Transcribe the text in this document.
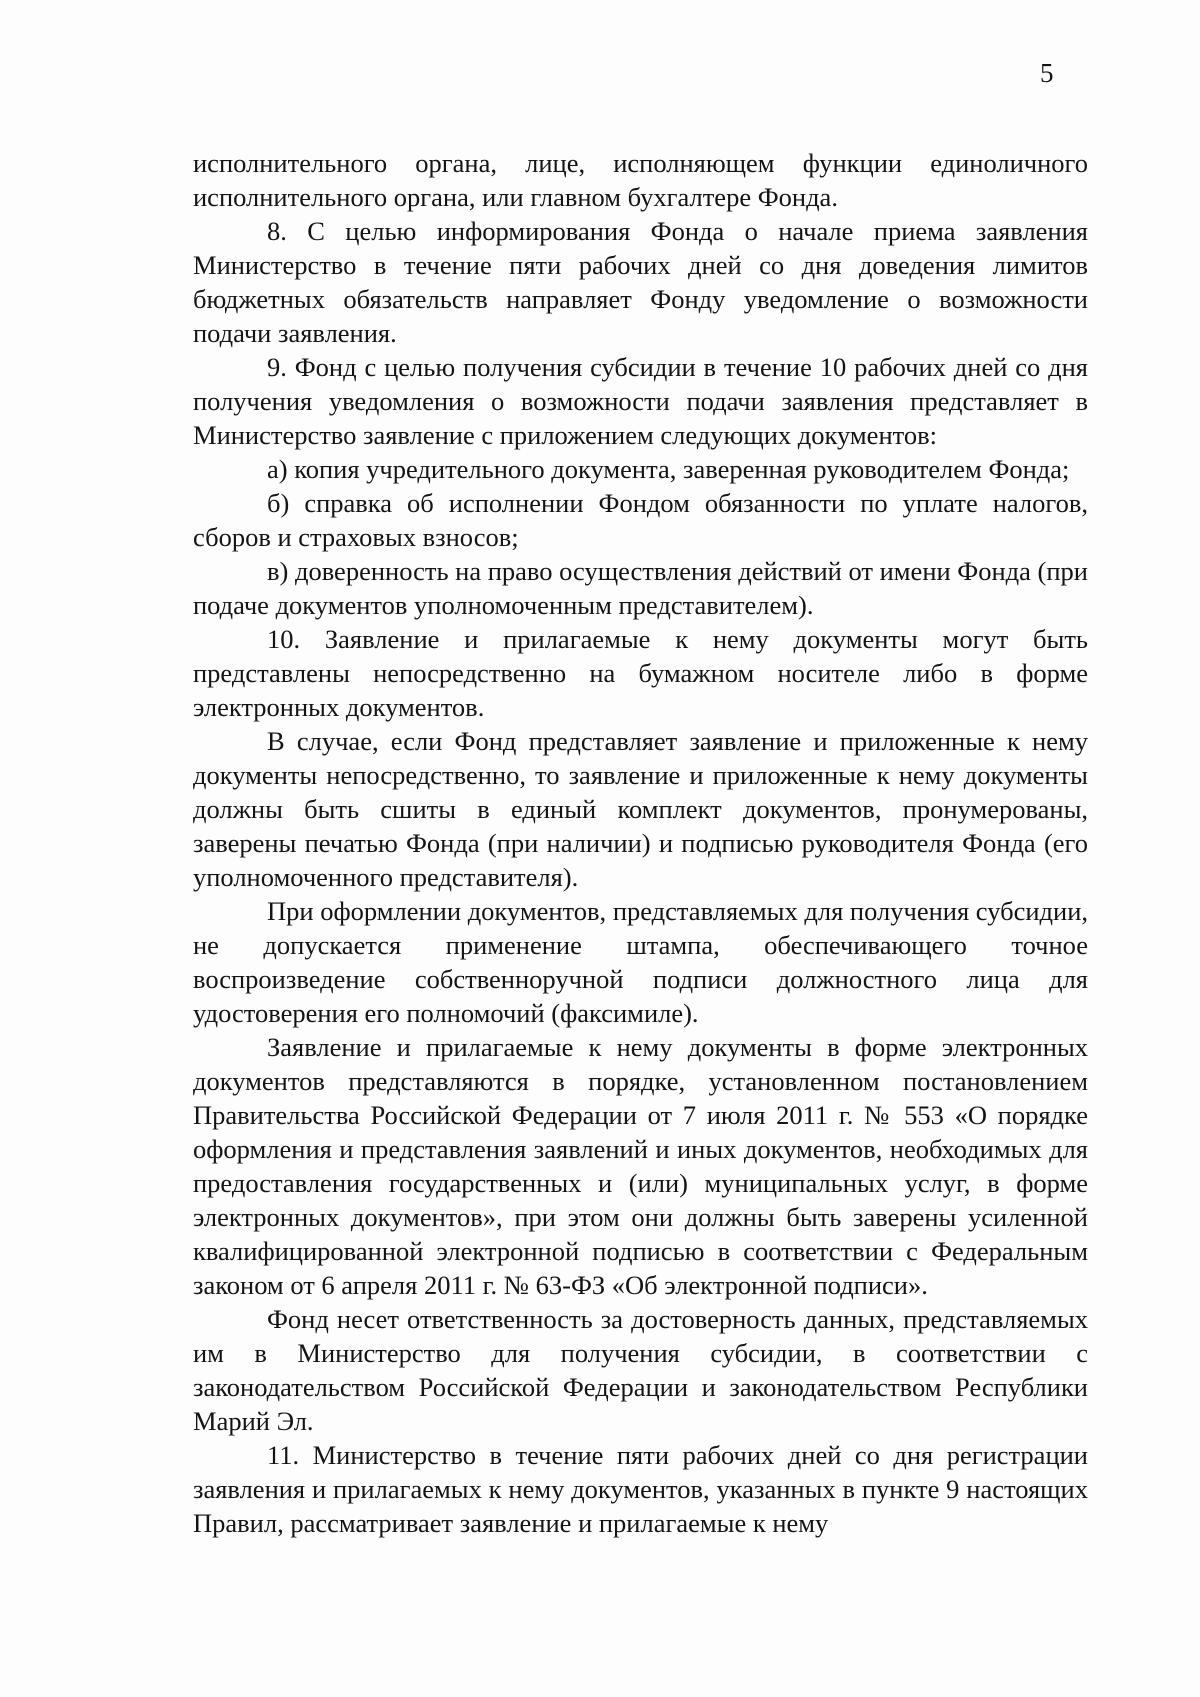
5

исполнительного органа, лице, исполняющем функции единоличного исполнительного органа, или главном бухгалтере Фонда.

8. С целью информирования Фонда о начале приема заявления Министерство в течение пяти рабочих дней со дня доведения лимитов бюджетных обязательств направляет Фонду уведомление о возможности подачи заявления.

9. Фонд с целью получения субсидии в течение 10 рабочих дней со дня получения уведомления о возможности подачи заявления представляет в Министерство заявление с приложением следующих документов:

а) копия учредительного документа, заверенная руководителем Фонда;

б) справка об исполнении Фондом обязанности по уплате налогов, сборов и страховых взносов;

в) доверенность на право осуществления действий от имени Фонда (при подаче документов уполномоченным представителем).

10. Заявление и прилагаемые к нему документы могут быть представлены непосредственно на бумажном носителе либо в форме электронных документов.

В случае, если Фонд представляет заявление и приложенные к нему документы непосредственно, то заявление и приложенные к нему документы должны быть сшиты в единый комплект документов, пронумерованы, заверены печатью Фонда (при наличии) и подписью руководителя Фонда (его уполномоченного представителя).

При оформлении документов, представляемых для получения субсидии, не допускается применение штампа, обеспечивающего точное воспроизведение собственноручной подписи должностного лица для удостоверения его полномочий (факсимиле).

Заявление и прилагаемые к нему документы в форме электронных документов представляются в порядке, установленном постановлением Правительства Российской Федерации от 7 июля 2011 г. № 553 «О порядке оформления и представления заявлений и иных документов, необходимых для предоставления государственных и (или) муниципальных услуг, в форме электронных документов», при этом они должны быть заверены усиленной квалифицированной электронной подписью в соответствии с Федеральным законом от 6 апреля 2011 г. № 63-ФЗ «Об электронной подписи».

Фонд несет ответственность за достоверность данных, представляемых им в Министерство для получения субсидии, в соответствии с законодательством Российской Федерации и законодательством Республики Марий Эл.

11. Министерство в течение пяти рабочих дней со дня регистрации заявления и прилагаемых к нему документов, указанных в пункте 9 настоящих Правил, рассматривает заявление и прилагаемые к нему
